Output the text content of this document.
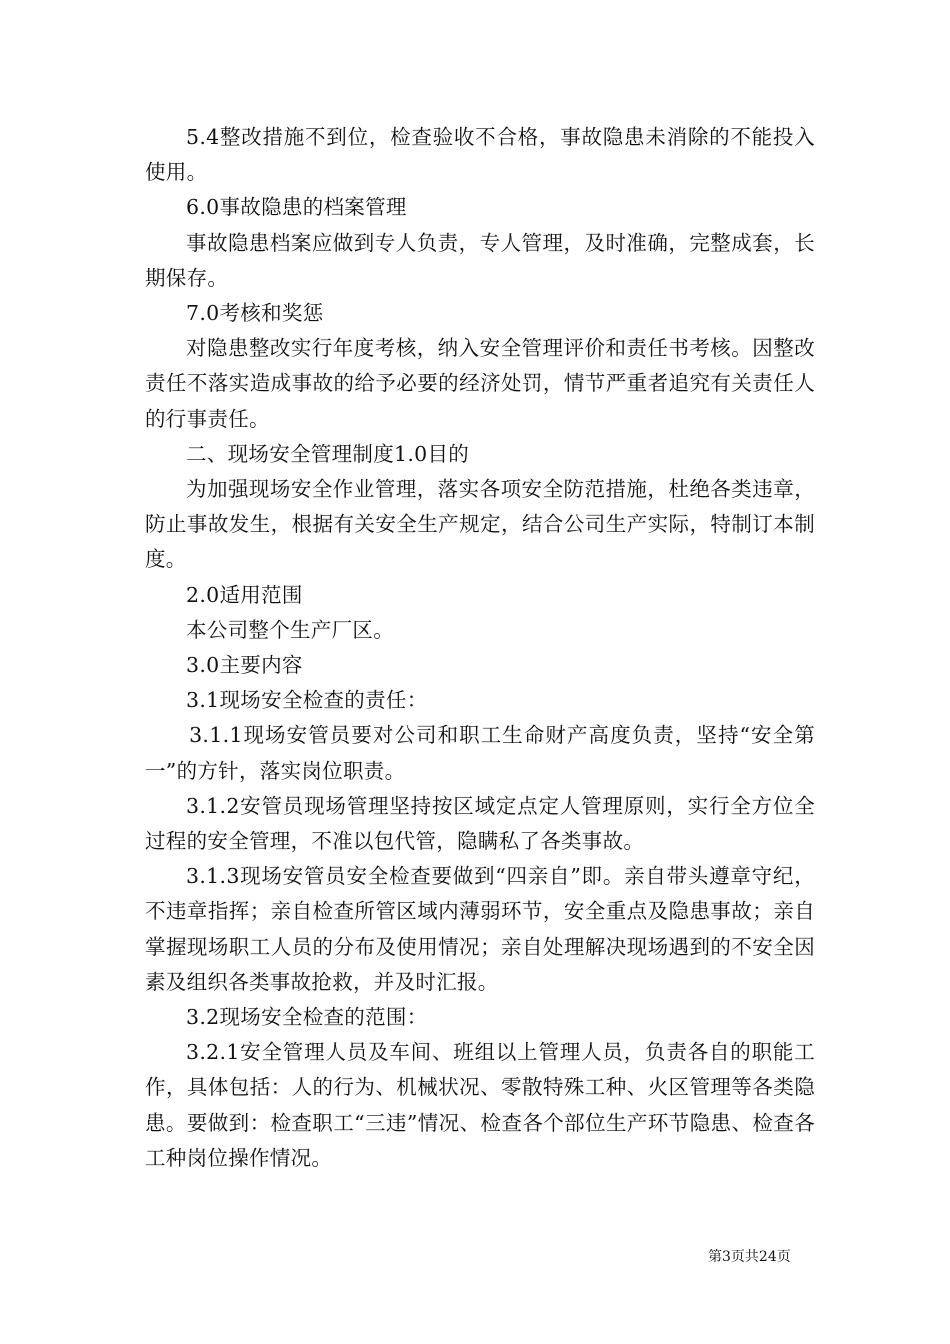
5.4整改措施不到位，检查验收不合格，事故隐患未消除的不能投入使用。

6.0事故隐患的档案管理

事故隐患档案应做到专人负责，专人管理，及时准确，完整成套，长期保存。

7.0考核和奖惩

对隐患整改实行年度考核，纳入安全管理评价和责任书考核。因整改责任不落实造成事故的给予必要的经济处罚，情节严重者追究有关责任人的行事责任。

二、现场安全管理制度1.0目的

为加强现场安全作业管理，落实各项安全防范措施，杜绝各类违章，防止事故发生，根据有关安全生产规定，结合公司生产实际，特制订本制度。

2.0适用范围

本公司整个生产厂区。

3.0主要内容

3.1现场安全检查的责任：

3.1.1现场安管员要对公司和职工生命财产高度负责，坚持“安全第一”的方针，落实岗位职责。

3.1.2安管员现场管理坚持按区域定点定人管理原则，实行全方位全过程的安全管理，不准以包代管，隐瞒私了各类事故。

3.1.3现场安管员安全检查要做到“四亲自”即。亲自带头遵章守纪，不违章指挥；亲自检查所管区域内薄弱环节，安全重点及隐患事故；亲自掌握现场职工人员的分布及使用情况；亲自处理解决现场遇到的不安全因素及组织各类事故抢救，并及时汇报。

3.2现场安全检查的范围：

3.2.1安全管理人员及车间、班组以上管理人员，负责各自的职能工作，具体包括：人的行为、机械状况、零散特殊工种、火区管理等各类隐患。要做到：检查职工“三违”情况、检查各个部位生产环节隐患、检查各工种岗位操作情况。

第3页共24页
